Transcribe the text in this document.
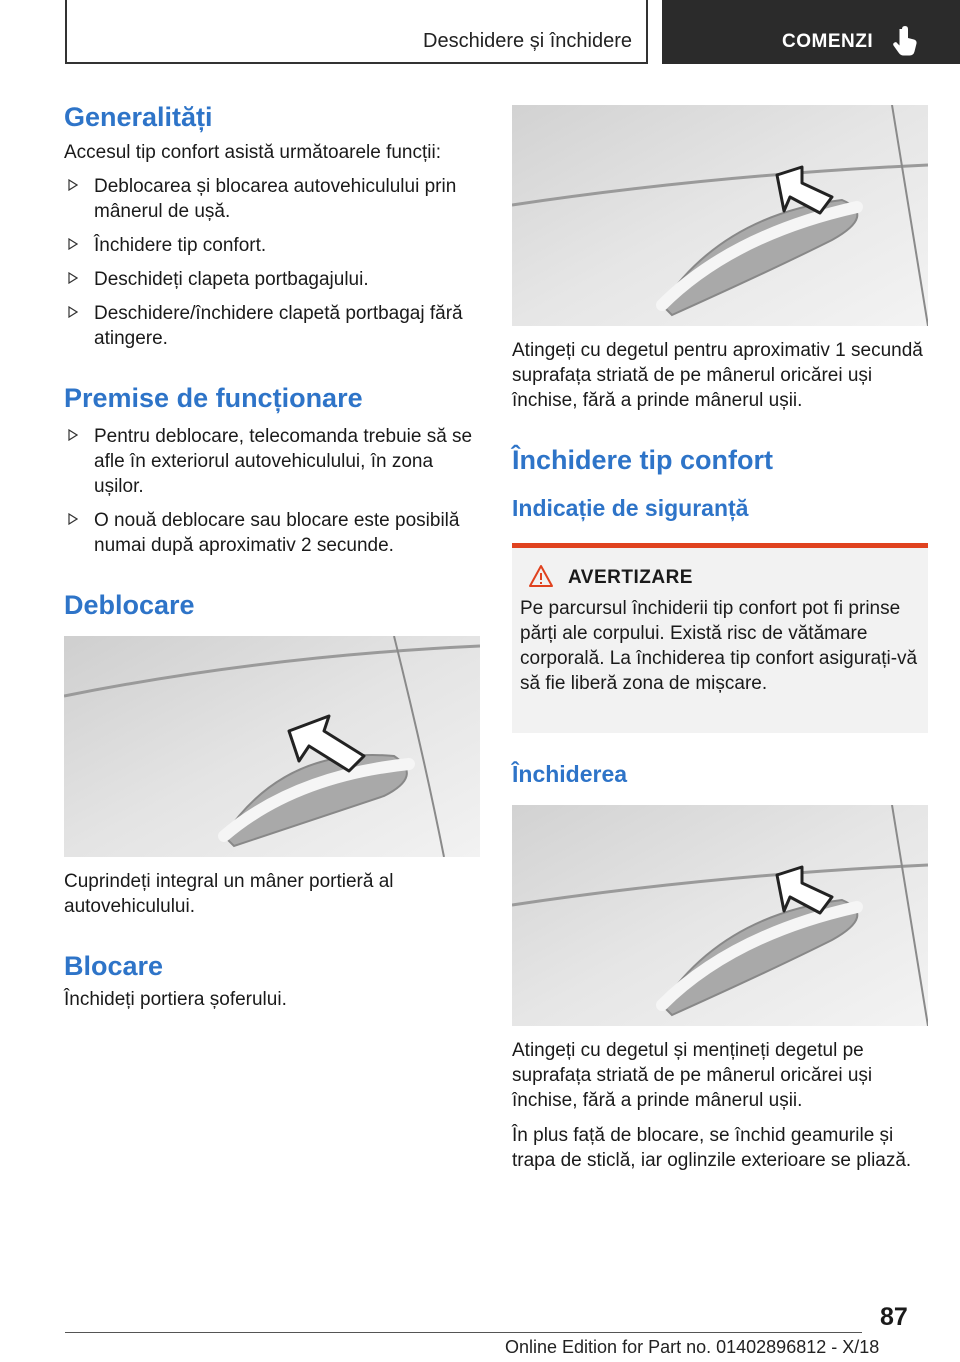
Deschidere și închidere	COMENZI
Generalități

Accesul tip confort asistă următoarele funcții:

Deblocarea și blocarea autovehiculului prin mânerul de ușă.
Închidere tip confort.
Deschideți clapeta portbagajului.
Deschidere/închidere clapetă portbagaj fără atingere.
Premise de funcționare
Pentru deblocare, telecomanda trebuie să se afle în exteriorul autovehiculului, în zona ușilor.
O nouă deblocare sau blocare este posibilă numai după aproximativ 2 secunde.
Deblocare

Cuprindeți integral un mâner portieră al autovehiculului.

Blocare

Închideți portiera șoferului.

Atingeți cu degetul pentru aproximativ 1 secundă suprafața striată de pe mânerul oricărei uși închise, fără a prinde mânerul ușii.

Închidere tip confort
Indicație de siguranță
AVERTIZARE

Pe parcursul închiderii tip confort pot fi prinse părți ale corpului. Există risc de vătămare corporală. La închiderea tip confort asigurați-vă să fie liberă zona de mișcare.

Închiderea

Atingeți cu degetul și mențineți degetul pe suprafața striată de pe mânerul oricărei uși închise, fără a prinde mânerul ușii.

În plus față de blocare, se închid geamurile și trapa de sticlă, iar oglinzile exterioare se pliază.

87
Online Edition for Part no. 01402896812 - X/18
